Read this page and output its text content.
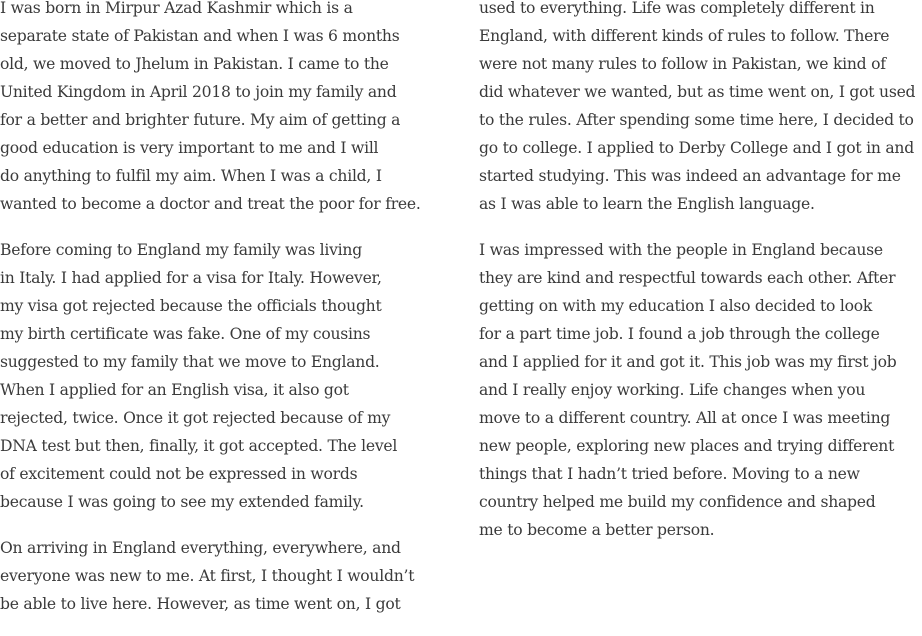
I was born in Mirpur Azad Kashmir which is a
separate state of Pakistan and when I was 6 months
old, we moved to Jhelum in Pakistan. I came to the
United Kingdom in April 2018 to join my family and
for a better and brighter future. My aim of getting a
good education is very important to me and I will
do anything to fulfil my aim. When I was a child, I
wanted to become a doctor and treat the poor for free.

Before coming to England my family was living
in Italy. I had applied for a visa for Italy. However,
my visa got rejected because the officials thought
my birth certificate was fake. One of my cousins
suggested to my family that we move to England.
When I applied for an English visa, it also got
rejected, twice. Once it got rejected because of my
DNA test but then, finally, it got accepted. The level
of excitement could not be expressed in words
because I was going to see my extended family.

On arriving in England everything, everywhere, and
everyone was new to me. At first, I thought I wouldn’t
be able to live here. However, as time went on, I got

used to everything. Life was completely different in
England, with different kinds of rules to follow. There
were not many rules to follow in Pakistan, we kind of
did whatever we wanted, but as time went on, I got used
to the rules. After spending some time here, I decided to
go to college. I applied to Derby College and I got in and
started studying. This was indeed an advantage for me
as I was able to learn the English language.

I was impressed with the people in England because
they are kind and respectful towards each other. After
getting on with my education I also decided to look
for a part time job. I found a job through the college
and I applied for it and got it. This job was my first job
and I really enjoy working. Life changes when you
move to a different country. All at once I was meeting
new people, exploring new places and trying different
things that I hadn’t tried before. Moving to a new
country helped me build my confidence and shaped
me to become a better person.
